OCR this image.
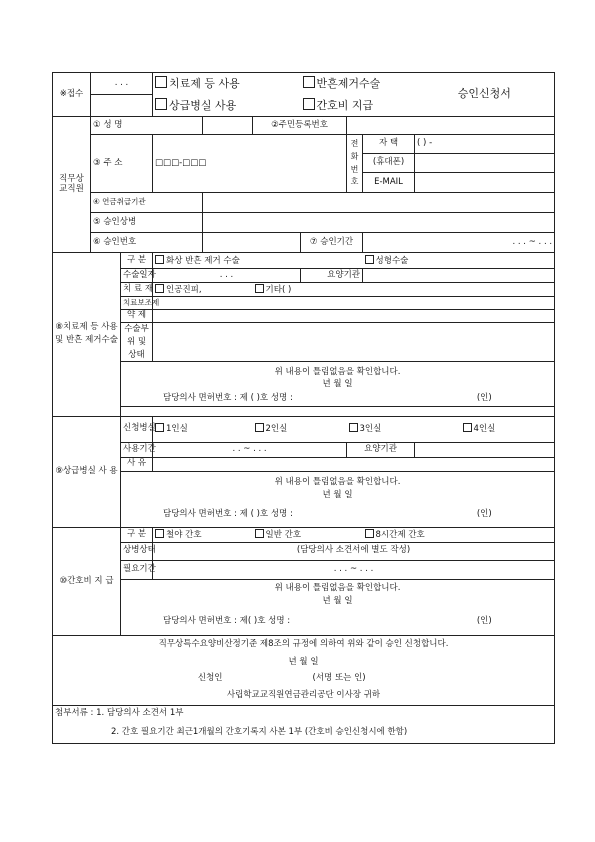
※접수	. . .		치료제 등 사용			반흔제거수술			승인신청서	
			상급병실 사용			간호비 지급				
직무상 교직원	① 성 명				②주민등록번호					
	③ 주 소		□□□-□□□				전화번호	자 택	( ) -	
								(휴대폰)		
								E-MAIL		
	④ 연금취급기관									
	⑤ 승인상병									
	⑥ 승인번호					⑦ 승인기간		. . . ~ . . .		
⑧치료제 등 사용 및 반흔 제거수술		구 분	화상 반흔 제거 수술					성형수술		
		수술일자	. . .			요양기관				
		치 료 재	인공진피,		기타( )					
		치료보조제								
		약 제								
		수술부위 및 상태								
		위 내용이 틀림없음을 확인합니다.								
		년 월 일								
		담당의사 면허번호 : 제 ( )호 성명 :							(인)	

⑨상급병실 사 용		신청병실	1인실		2인실		3인실			4인실
		사용기간	. . ~ . . .				요양기관			
		사 유								
		위 내용이 틀림없음을 확인합니다.								
		년 월 일								
		담당의사 면허번호 : 제 ( )호 성명 :							(인)	
⑩간호비 지 급		구 분	철야 간호		일반 간호			8시간제 간호		
		상병상태	(담당의사 소견서에 별도 작성)							
		필요기간	. . . ~ . . .							
		위 내용이 틀림없음을 확인합니다.								
		년 월 일								
		담당의사 면허번호 : 제( )호 성명 :							(인)	
직무상특수요양비산정기준 제8조의 규정에 의하여 위와 같이 승인 신청합니다.										
년 월 일										
신청인					(서명 또는 인)					
사립학교교직원연금관리공단 이사장 귀하										
첨부서류 : 1. 담당의사 소견서 1부										
2. 간호 필요기간 최근1개월의 간호기록지 사본 1부 (간호비 승인신청시에 한함)										
